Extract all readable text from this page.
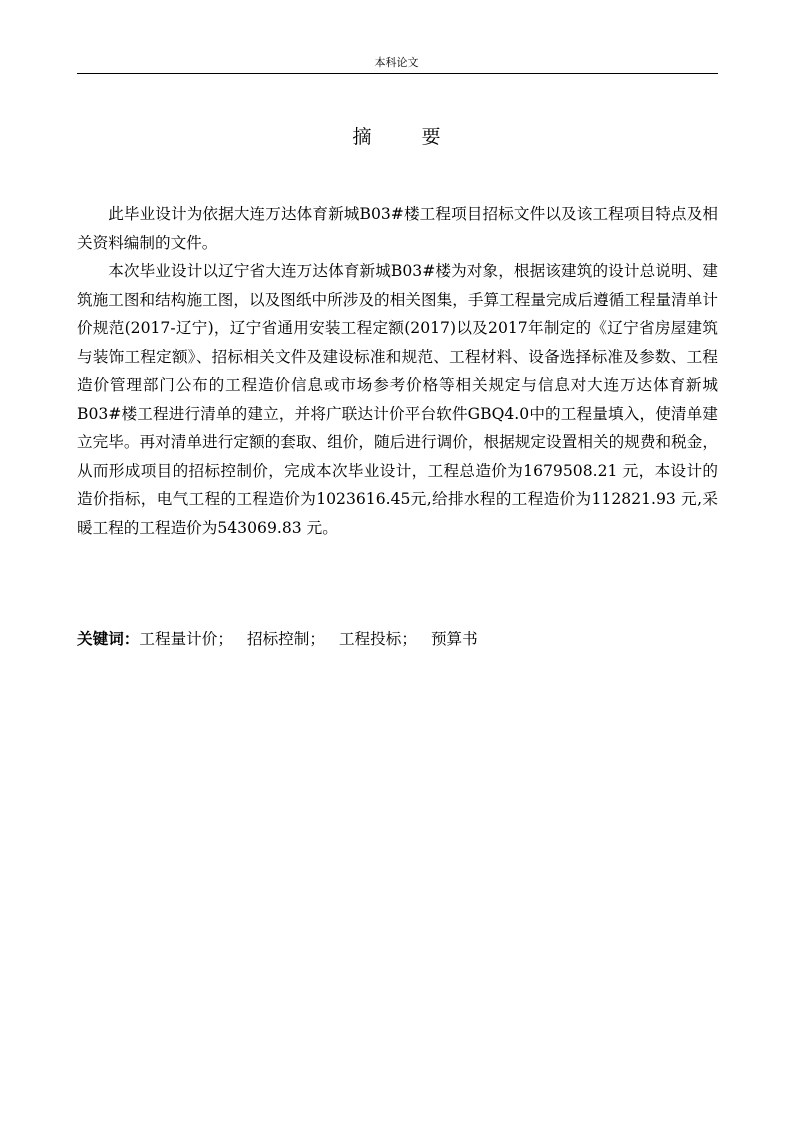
本科论文
摘 要

此毕业设计为依据大连万达体育新城B03#楼工程项目招标文件以及该工程项目特点及相关资料编制的文件。

本次毕业设计以辽宁省大连万达体育新城B03#楼为对象，根据该建筑的设计总说明、建筑施工图和结构施工图，以及图纸中所涉及的相关图集，手算工程量完成后遵循工程量清单计价规范(2017-辽宁)，辽宁省通用安装工程定额(2017)以及2017年制定的《辽宁省房屋建筑与装饰工程定额》、招标相关文件及建设标准和规范、工程材料、设备选择标准及参数、工程造价管理部门公布的工程造价信息或市场参考价格等相关规定与信息对大连万达体育新城B03#楼工程进行清单的建立，并将广联达计价平台软件GBQ4.0中的工程量填入，使清单建立完毕。再对清单进行定额的套取、组价，随后进行调价，根据规定设置相关的规费和税金，从而形成项目的招标控制价，完成本次毕业设计，工程总造价为1679508.21 元，本设计的造价指标，电气工程的工程造价为1023616.45元,给排水程的工程造价为112821.93 元,采暖工程的工程造价为543069.83 元。

关键词：工程量计价； 招标控制； 工程投标； 预算书
